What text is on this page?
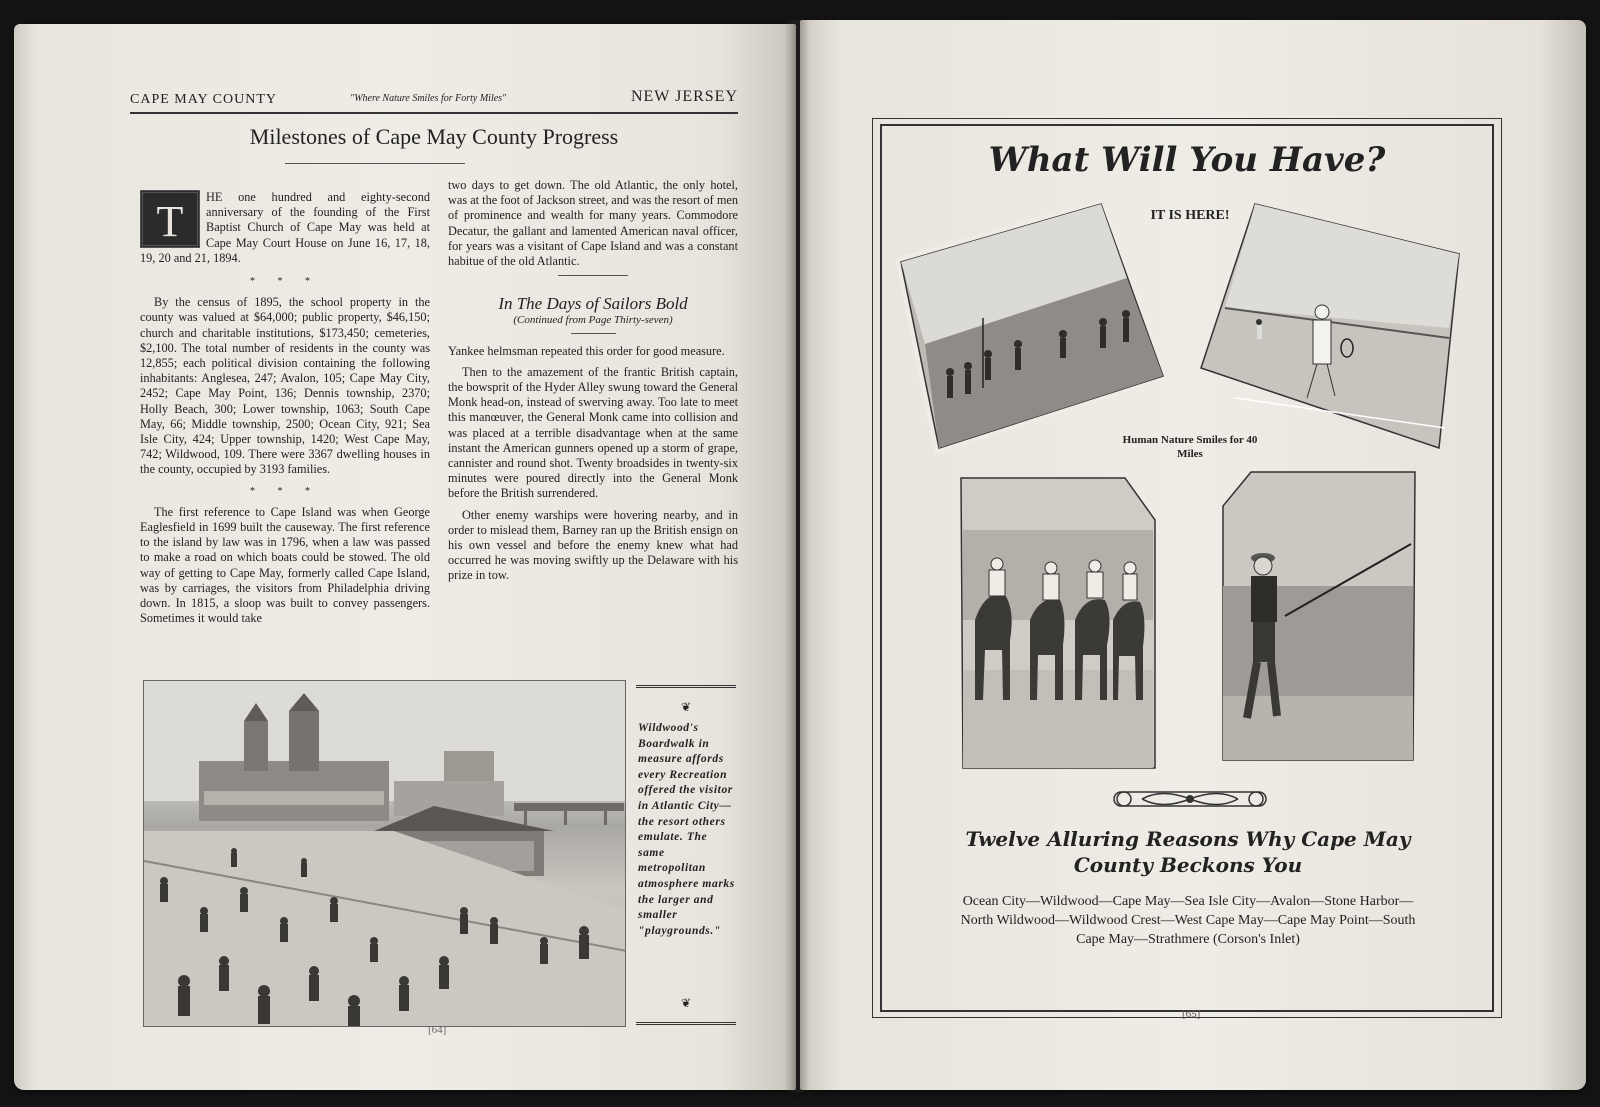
CAPE MAY COUNTY	"Where Nature Smiles for Forty Miles"	NEW JERSEY
Milestones of Cape May County Progress
T	HE one hundred and eighty-second anniversary of the founding of the First Baptist Church of Cape May was held at Cape May Court House on June 16, 17, 18, 19, 20 and 21, 1894.

* * *

By the census of 1895, the school property in the county was valued at $64,000; public property, $46,150; church and charitable institutions, $173,450; cemeteries, $2,100. The total number of residents in the county was 12,855; each political division containing the following inhabitants: Anglesea, 247; Avalon, 105; Cape May City, 2452; Cape May Point, 136; Dennis township, 2370; Holly Beach, 300; Lower township, 1063; South Cape May, 66; Middle township, 2500; Ocean City, 921; Sea Isle City, 424; Upper township, 1420; West Cape May, 742; Wildwood, 109. There were 3367 dwelling houses in the county, occupied by 3193 families.

* * *

The first reference to Cape Island was when George Eaglesfield in 1699 built the causeway. The first reference to the island by law was in 1796, when a law was passed to make a road on which boats could be stowed. The old way of getting to Cape May, formerly called Cape Island, was by carriages, the visitors from Philadelphia driving down. In 1815, a sloop was built to convey passengers. Sometimes it would take

two days to get down. The old Atlantic, the only hotel, was at the foot of Jackson street, and was the resort of men of prominence and wealth for many years. Commodore Decatur, the gallant and lamented American naval officer, for years was a visitant of Cape Island and was a constant habitue of the old Atlantic.

In The Days of Sailors Bold
(Continued from Page Thirty-seven)

Yankee helmsman repeated this order for good measure.

Then to the amazement of the frantic British captain, the bowsprit of the Hyder Alley swung toward the General Monk head-on, instead of swerving away. Too late to meet this manœuver, the General Monk came into collision and was placed at a terrible disadvantage when at the same instant the American gunners opened up a storm of grape, cannister and round shot. Twenty broadsides in twenty-six minutes were poured directly into the General Monk before the British surrendered.

Other enemy warships were hovering nearby, and in order to mislead them, Barney ran up the British ensign on his own vessel and before the enemy knew what had occurred he was moving swiftly up the Delaware with his prize in tow.

❦
Wildwood's Boardwalk in measure affords every Recreation offered the visitor in Atlantic City—the resort others emulate. The same metropolitan atmosphere marks the larger and smaller "playgrounds."
❦
[64]
What Will You Have?
IT IS HERE!
Human Nature Smiles for 40 Miles
Twelve Alluring Reasons Why Cape May County Beckons You
Ocean City—Wildwood—Cape May—Sea Isle City—Avalon—Stone Harbor—North Wildwood—Wildwood Crest—West Cape May—Cape May Point—South Cape May—Strathmere (Corson's Inlet)
[65]
